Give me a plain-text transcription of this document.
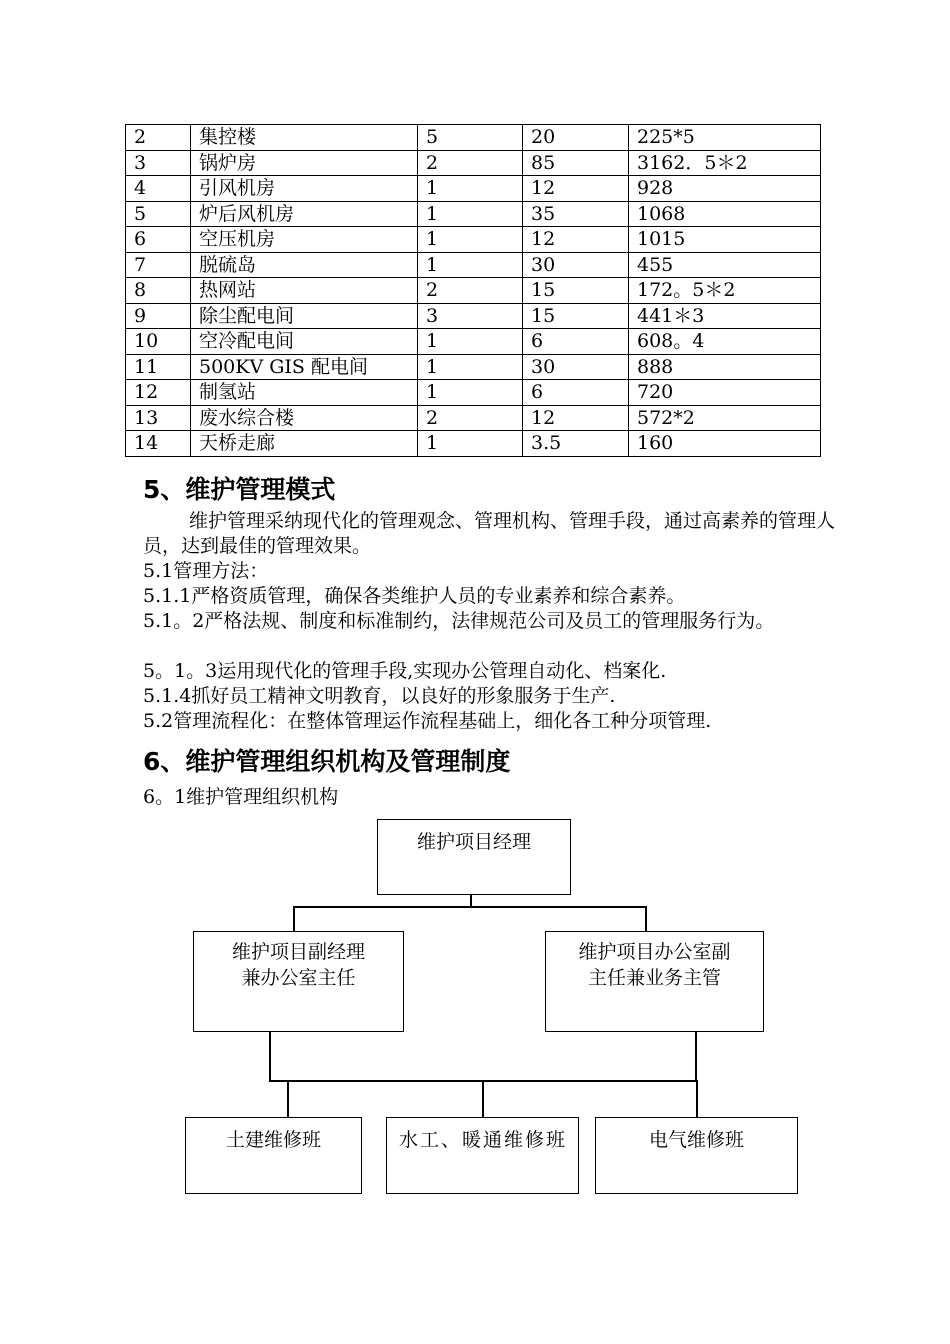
2	集控楼	5	20	225*5
3	锅炉房	2	85	3162．5＊2
4	引风机房	1	12	928
5	炉后风机房	1	35	1068
6	空压机房	1	12	1015
7	脱硫岛	1	30	455
8	热网站	2	15	172。5＊2
9	除尘配电间	3	15	441＊3
10	空冷配电间	1	6	608。4
11	500KV GIS 配电间	1	30	888
12	制氢站	1	6	720
13	废水综合楼	2	12	572*2
14	天桥走廊	1	3.5	160
5、维护管理模式

维护管理采纳现代化的管理观念、管理机构、管理手段，通过高素养的管理人员，达到最佳的管理效果。

5.1管理方法：

5.1.1严格资质管理，确保各类维护人员的专业素养和综合素养。

5.1。2严格法规、制度和标准制约，法律规范公司及员工的管理服务行为。

5。1。3运用现代化的管理手段,实现办公管理自动化、档案化.

5.1.4抓好员工精神文明教育，以良好的形象服务于生产.

5.2管理流程化：在整体管理运作流程基础上，细化各工种分项管理.

6、维护管理组织机构及管理制度

6。1维护管理组织机构

维护项目经理
维护项目副经理
兼办公室主任
维护项目办公室副
主任兼业务主管
土建维修班	水工、暖通维修班	电气维修班
